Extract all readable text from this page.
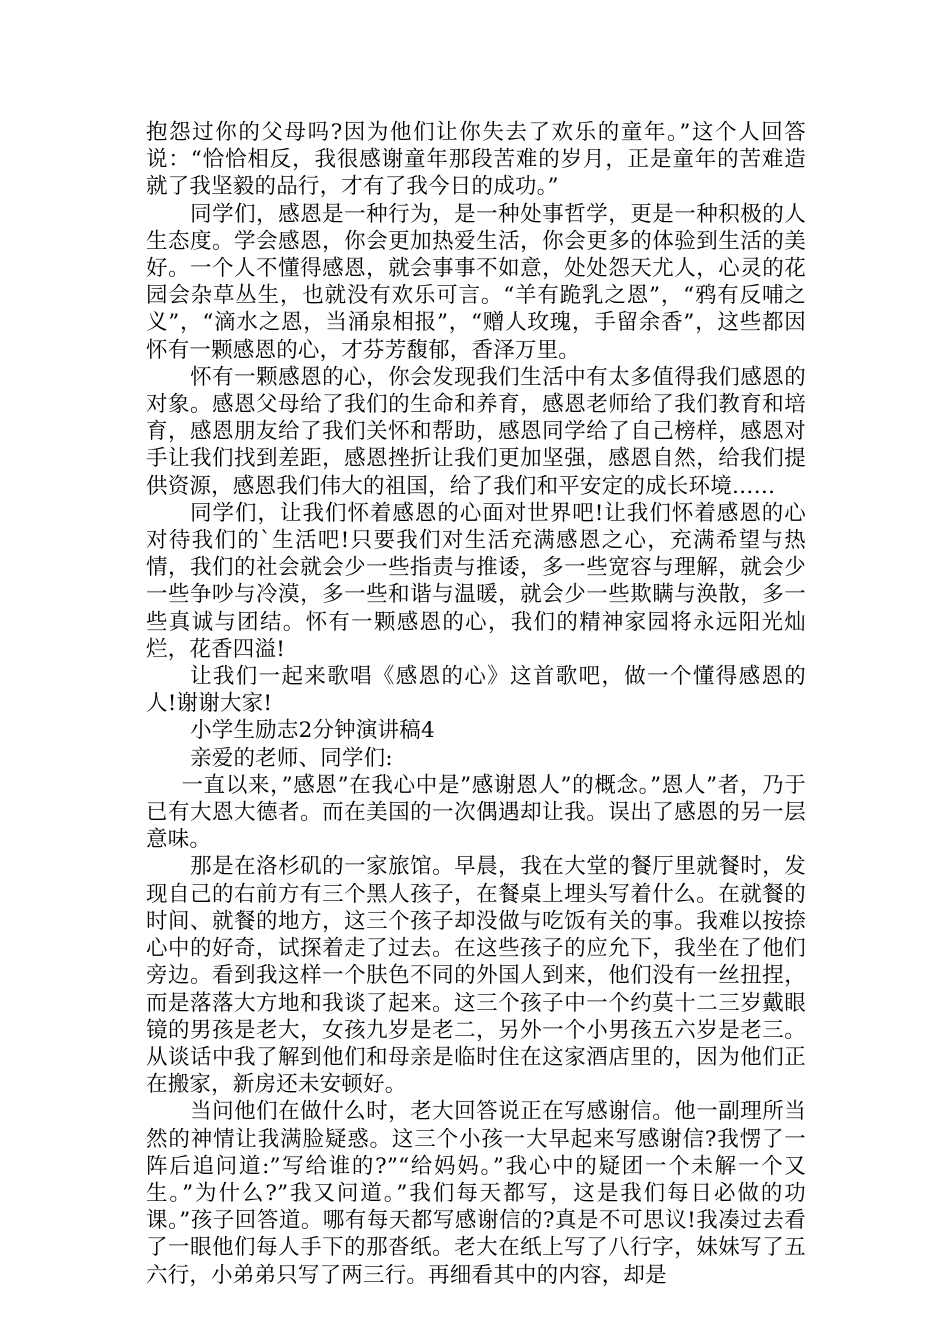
抱怨过你的父母吗?因为他们让你失去了欢乐的童年。”这个人回答说：“恰恰相反，我很感谢童年那段苦难的岁月，正是童年的苦难造就了我坚毅的品行，才有了我今日的成功。”

同学们，感恩是一种行为，是一种处事哲学，更是一种积极的人生态度。学会感恩，你会更加热爱生活，你会更多的体验到生活的美好。一个人不懂得感恩，就会事事不如意，处处怨天尤人，心灵的花园会杂草丛生，也就没有欢乐可言。“羊有跪乳之恩”，“鸦有反哺之义”，“滴水之恩，当涌泉相报”，“赠人玫瑰，手留余香”，这些都因怀有一颗感恩的心，才芬芳馥郁，香泽万里。

怀有一颗感恩的心，你会发现我们生活中有太多值得我们感恩的对象。感恩父母给了我们的生命和养育，感恩老师给了我们教育和培育，感恩朋友给了我们关怀和帮助，感恩同学给了自己榜样，感恩对手让我们找到差距，感恩挫折让我们更加坚强，感恩自然，给我们提供资源，感恩我们伟大的祖国，给了我们和平安定的成长环境……

同学们，让我们怀着感恩的心面对世界吧!让我们怀着感恩的心对待我们的`生活吧!只要我们对生活充满感恩之心，充满希望与热情，我们的社会就会少一些指责与推诿，多一些宽容与理解，就会少一些争吵与冷漠，多一些和谐与温暖，就会少一些欺瞒与涣散，多一些真诚与团结。怀有一颗感恩的心，我们的精神家园将永远阳光灿烂，花香四溢!

让我们一起来歌唱《感恩的心》这首歌吧，做一个懂得感恩的人!谢谢大家!

小学生励志2分钟演讲稿4

亲爱的老师、同学们:

一直以来，”感恩”在我心中是”感谢恩人”的概念。”恩人”者，乃于已有大恩大德者。而在美国的一次偶遇却让我。误出了感恩的另一层意味。

那是在洛杉矶的一家旅馆。早晨，我在大堂的餐厅里就餐时，发现自己的右前方有三个黑人孩子，在餐桌上埋头写着什么。在就餐的时间、就餐的地方，这三个孩子却没做与吃饭有关的事。我难以按捺心中的好奇，试探着走了过去。在这些孩子的应允下，我坐在了他们旁边。看到我这样一个肤色不同的外国人到来，他们没有一丝扭捏，而是落落大方地和我谈了起来。这三个孩子中一个约莫十二三岁戴眼镜的男孩是老大，女孩九岁是老二，另外一个小男孩五六岁是老三。从谈话中我了解到他们和母亲是临时住在这家酒店里的，因为他们正在搬家，新房还未安顿好。

当问他们在做什么时，老大回答说正在写感谢信。他一副理所当然的神情让我满脸疑惑。这三个小孩一大早起来写感谢信?我愣了一阵后追问道:”写给谁的?”“给妈妈。”我心中的疑团一个未解一个又生。”为什么?”我又问道。”我们每天都写，这是我们每日必做的功课。”孩子回答道。哪有每天都写感谢信的?真是不可思议!我凑过去看了一眼他们每人手下的那沓纸。老大在纸上写了八行字，妹妹写了五六行，小弟弟只写了两三行。再细看其中的内容，却是
